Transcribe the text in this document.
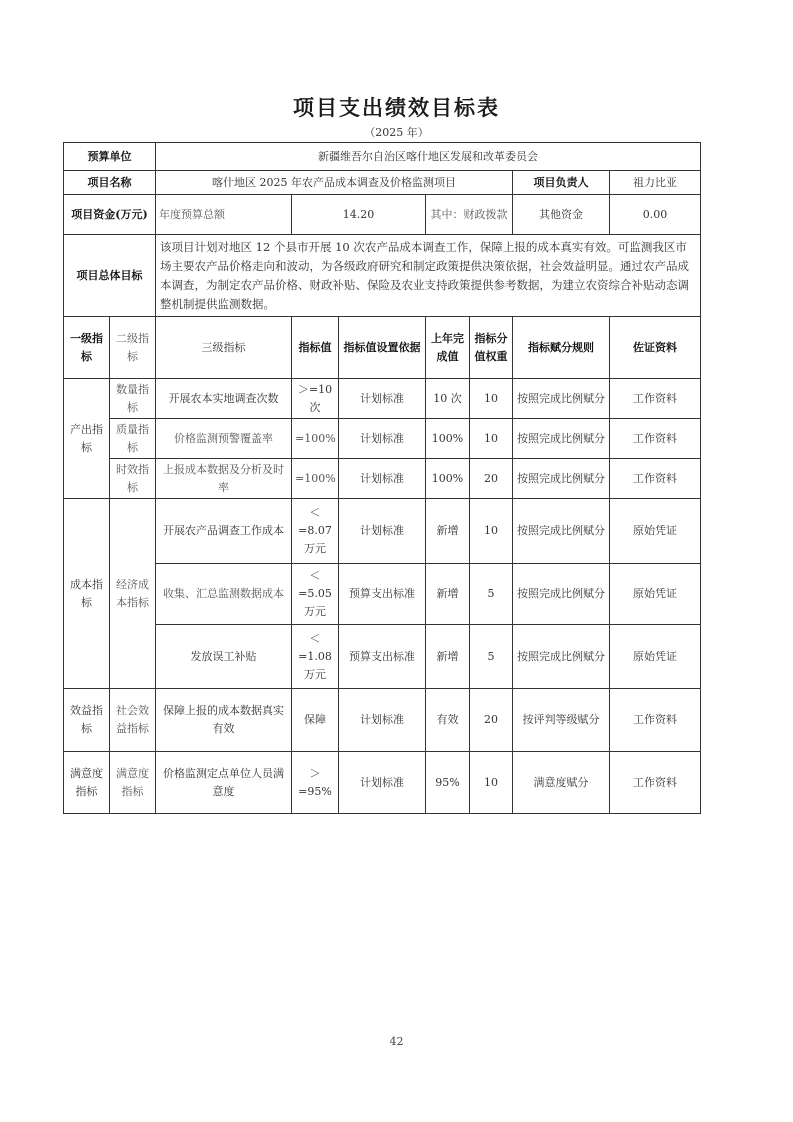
项目支出绩效目标表
（2025 年）
预算单位		新疆维吾尔自治区喀什地区发展和改革委员会						
项目名称		喀什地区 2025 年农产品成本调查及价格监测项目					项目负责人	祖力比亚
项目资金(万元)		年度预算总额	14.20		其中：财政拨款		其他资金	0.00
项目总体目标		该项目计划对地区 12 个县市开展 10 次农产品成本调查工作，保障上报的成本真实有效。可监测我区市场主要农产品价格走向和波动，为各级政府研究和制定政策提供决策依据，社会效益明显。通过农产品成本调查，为制定农产品价格、财政补贴、保险及农业支持政策提供参考数据，为建立农资综合补贴动态调整机制提供监测数据。						
一级指标	二级指标	三级指标	指标值	指标值设置依据	上年完成值	指标分值权重	指标赋分规则	佐证资料
产出指标	数量指标	开展农本实地调查次数	＞=10次	计划标准	10 次	10	按照完成比例赋分	工作资料
	质量指标	价格监测预警覆盖率	=100%	计划标准	100%	10	按照完成比例赋分	工作资料
	时效指标	上报成本数据及分析及时率	=100%	计划标准	100%	20	按照完成比例赋分	工作资料
成本指标	经济成本指标	开展农产品调查工作成本	＜=8.07万元	计划标准	新增	10	按照完成比例赋分	原始凭证
		收集、汇总监测数据成本	＜=5.05万元	预算支出标准	新增	5	按照完成比例赋分	原始凭证
		发放误工补贴	＜=1.08万元	预算支出标准	新增	5	按照完成比例赋分	原始凭证
效益指标	社会效益指标	保障上报的成本数据真实有效	保障	计划标准	有效	20	按评判等级赋分	工作资料
满意度指标	满意度指标	价格监测定点单位人员满意度	＞=95%	计划标准	95%	10	满意度赋分	工作资料
42
